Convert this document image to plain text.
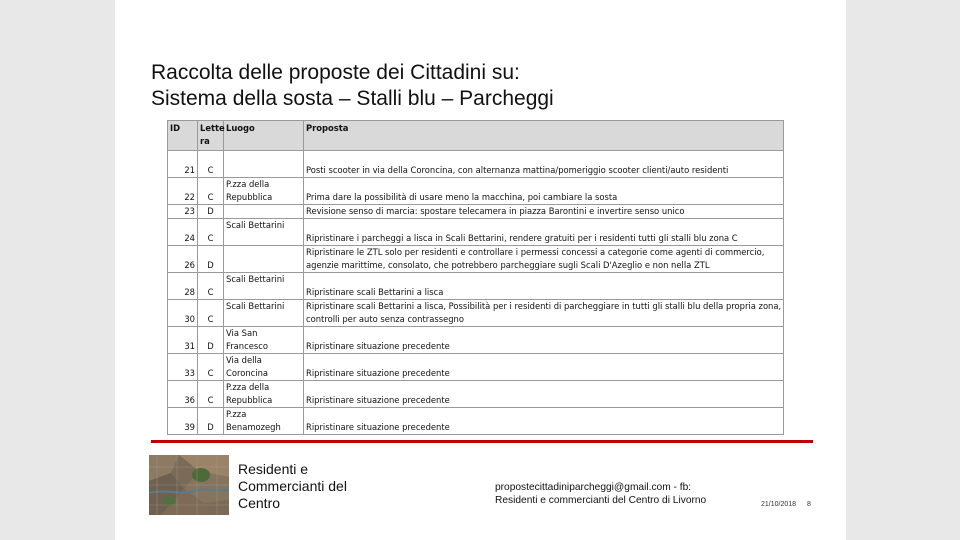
Raccolta delle proposte dei Cittadini su:
Sistema della sosta – Stalli blu – Parcheggi
ID	Lette ra	Luogo	Proposta
21	C		Posti scooter in via della Coroncina, con alternanza mattina/pomeriggio scooter clienti/auto residenti

22	C	P.zza della Repubblica	Prima dare la possibilità di usare meno la macchina, poi cambiare la sosta

23	D		Revisione senso di marcia: spostare telecamera in piazza Barontini e invertire senso unico

24	C	Scali Bettarini	Ripristinare i parcheggi a lisca in Scali Bettarini, rendere gratuiti per i residenti tutti gli stalli blu zona C

26	D		Ripristinare le ZTL solo per residenti e controllare i permessi concessi a categorie come agenti di commercio,
agenzie marittime, consolato, che potrebbero parcheggiare sugli Scali D'Azeglio e non nella ZTL

28	C	Scali Bettarini	Ripristinare scali Bettarini a lisca

30	C	Scali Bettarini	Ripristinare scali Bettarini a lisca, Possibilità per i residenti di parcheggiare in tutti gli stalli blu della propria zona,
controlli per auto senza contrassegno

31	D	Via San Francesco	Ripristinare situazione precedente

33	C	Via della Coroncina	Ripristinare situazione precedente

36	C	P.zza della Repubblica	Ripristinare situazione precedente

39	D	P.zza Benamozegh	Ripristinare situazione precedente
Residenti e
Commercianti del
Centro
propostecittadiniparcheggi@gmail.com - fb:
Residenti e commercianti del Centro di Livorno	21/10/2018 8
